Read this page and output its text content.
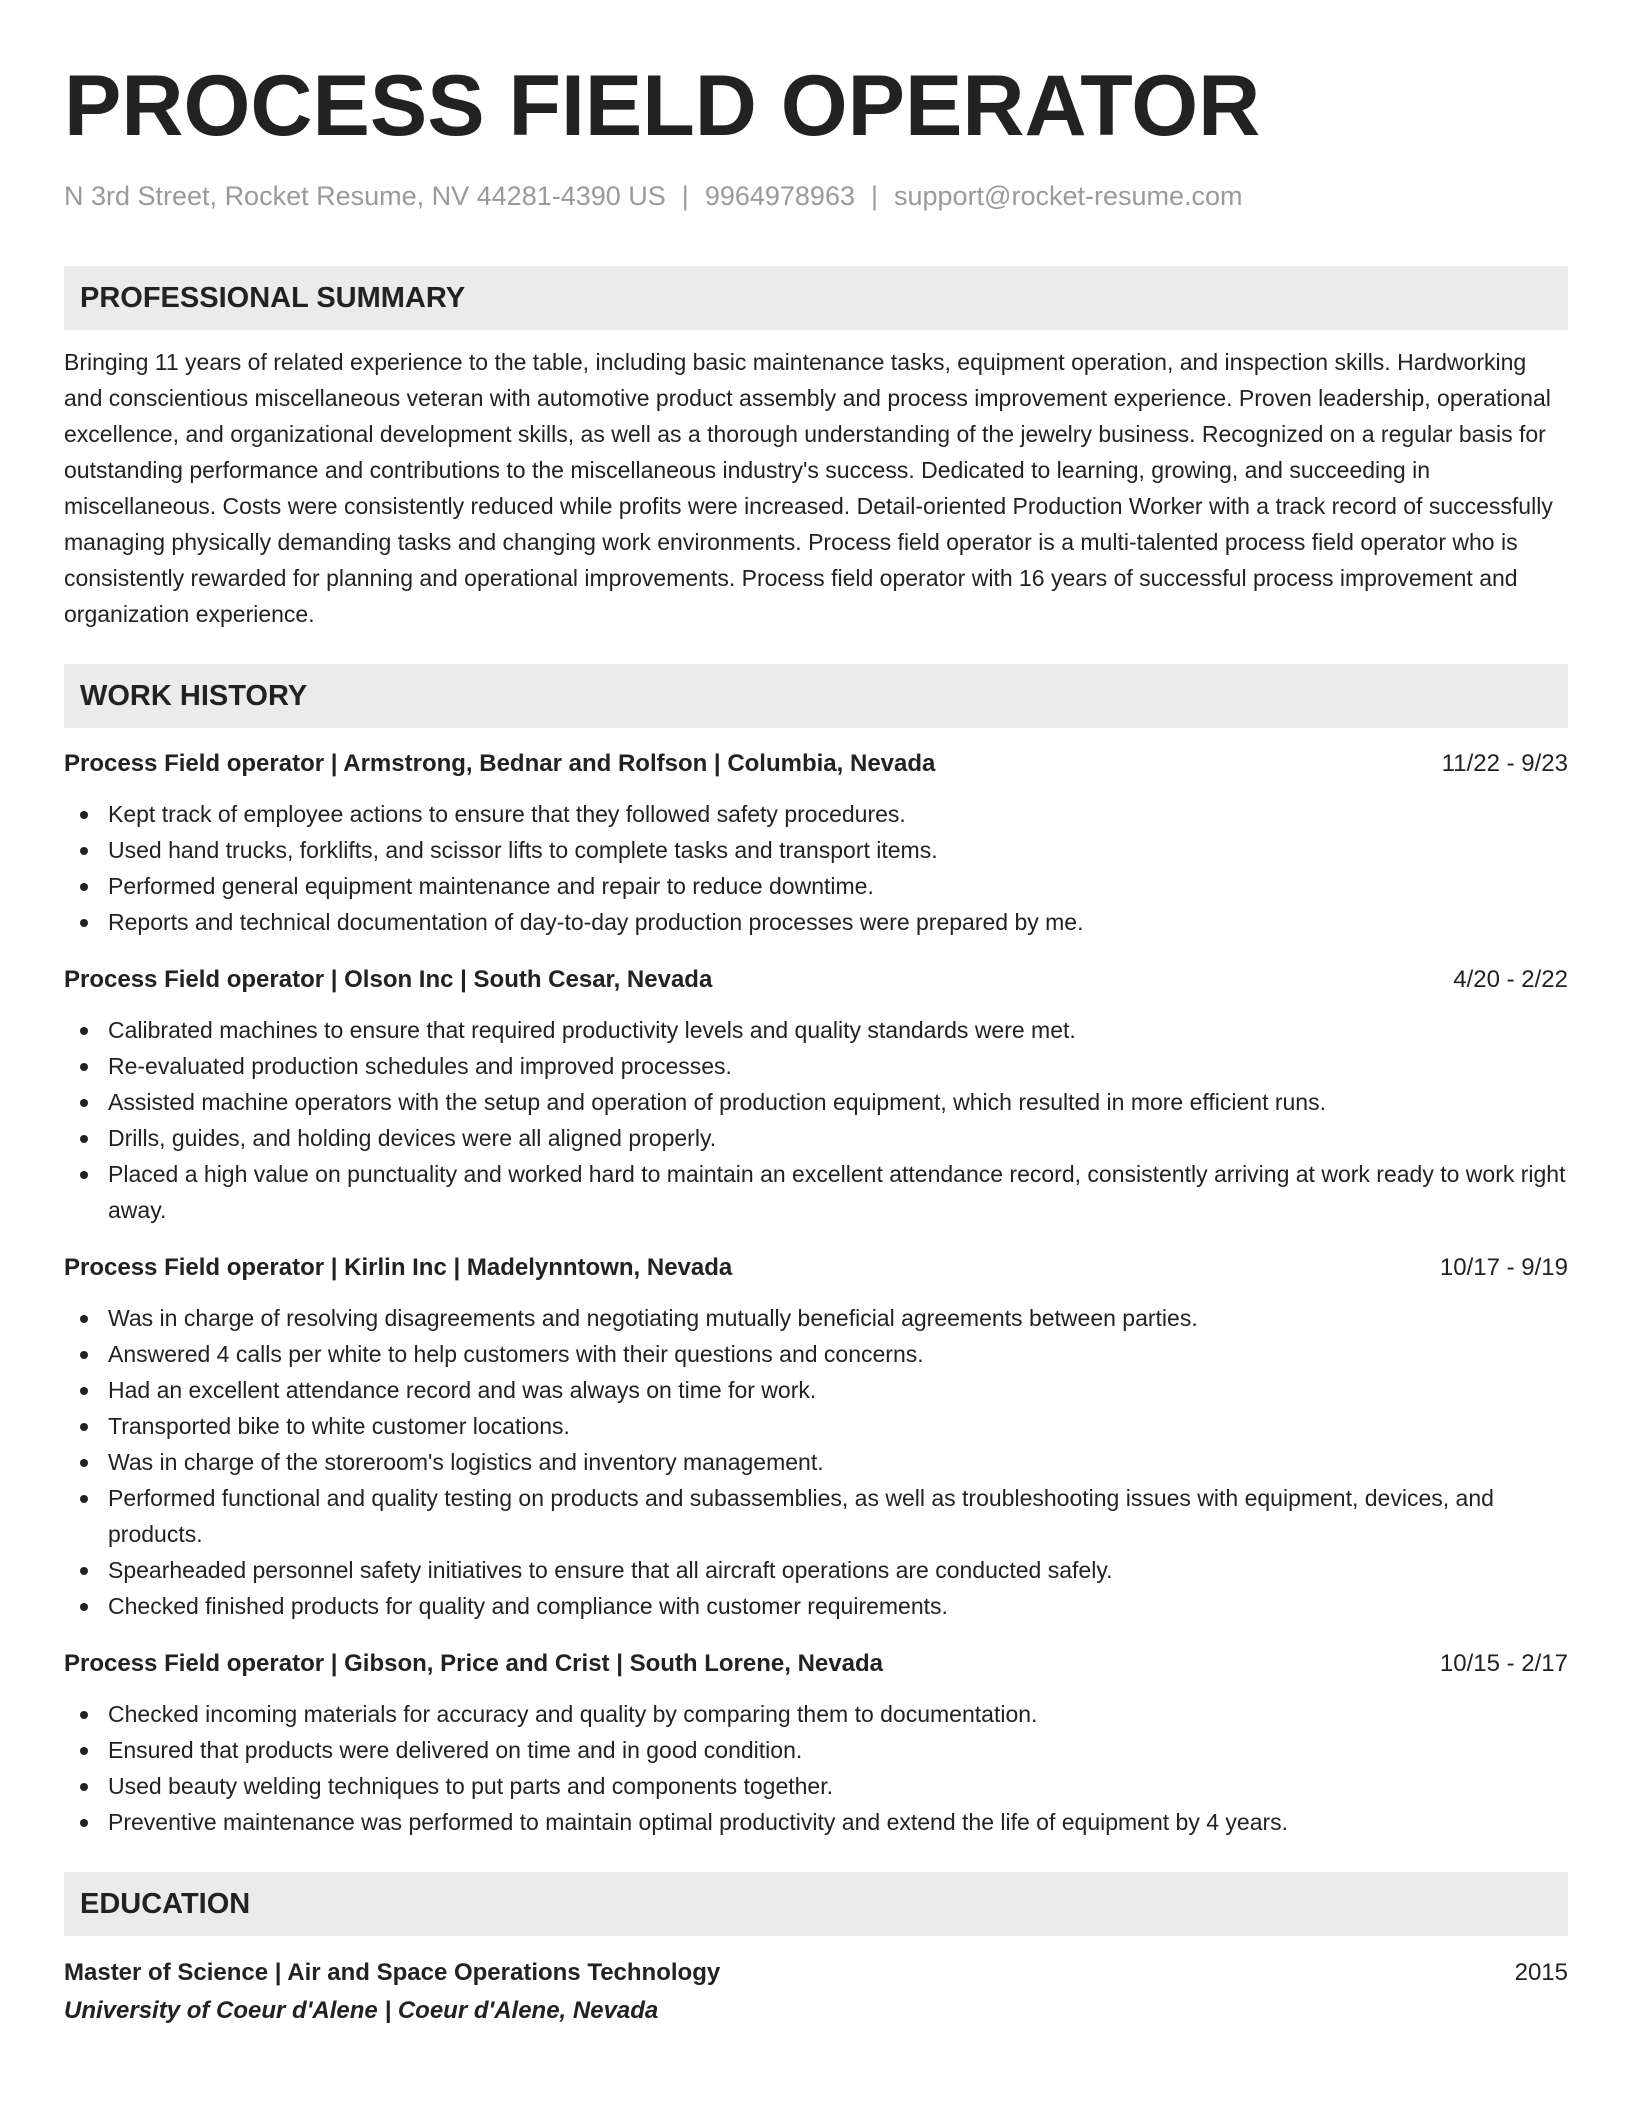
PROCESS FIELD OPERATOR
N 3rd Street, Rocket Resume, NV 44281-4390 US | 9964978963 | support@rocket-resume.com
PROFESSIONAL SUMMARY
Bringing 11 years of related experience to the table, including basic maintenance tasks, equipment operation, and inspection skills. Hardworking and conscientious miscellaneous veteran with automotive product assembly and process improvement experience. Proven leadership, operational excellence, and organizational development skills, as well as a thorough understanding of the jewelry business. Recognized on a regular basis for outstanding performance and contributions to the miscellaneous industry's success. Dedicated to learning, growing, and succeeding in miscellaneous. Costs were consistently reduced while profits were increased. Detail-oriented Production Worker with a track record of successfully managing physically demanding tasks and changing work environments. Process field operator is a multi-talented process field operator who is consistently rewarded for planning and operational improvements. Process field operator with 16 years of successful process improvement and organization experience.
WORK HISTORY
Process Field operator | Armstrong, Bednar and Rolfson | Columbia, Nevada	11/22 - 9/23
Kept track of employee actions to ensure that they followed safety procedures.
Used hand trucks, forklifts, and scissor lifts to complete tasks and transport items.
Performed general equipment maintenance and repair to reduce downtime.
Reports and technical documentation of day-to-day production processes were prepared by me.
Process Field operator | Olson Inc | South Cesar, Nevada	4/20 - 2/22
Calibrated machines to ensure that required productivity levels and quality standards were met.
Re-evaluated production schedules and improved processes.
Assisted machine operators with the setup and operation of production equipment, which resulted in more efficient runs.
Drills, guides, and holding devices were all aligned properly.
Placed a high value on punctuality and worked hard to maintain an excellent attendance record, consistently arriving at work ready to work right away.
Process Field operator | Kirlin Inc | Madelynntown, Nevada	10/17 - 9/19
Was in charge of resolving disagreements and negotiating mutually beneficial agreements between parties.
Answered 4 calls per white to help customers with their questions and concerns.
Had an excellent attendance record and was always on time for work.
Transported bike to white customer locations.
Was in charge of the storeroom's logistics and inventory management.
Performed functional and quality testing on products and subassemblies, as well as troubleshooting issues with equipment, devices, and products.
Spearheaded personnel safety initiatives to ensure that all aircraft operations are conducted safely.
Checked finished products for quality and compliance with customer requirements.
Process Field operator | Gibson, Price and Crist | South Lorene, Nevada	10/15 - 2/17
Checked incoming materials for accuracy and quality by comparing them to documentation.
Ensured that products were delivered on time and in good condition.
Used beauty welding techniques to put parts and components together.
Preventive maintenance was performed to maintain optimal productivity and extend the life of equipment by 4 years.
EDUCATION
Master of Science | Air and Space Operations Technology	2015
University of Coeur d'Alene | Coeur d'Alene, Nevada
